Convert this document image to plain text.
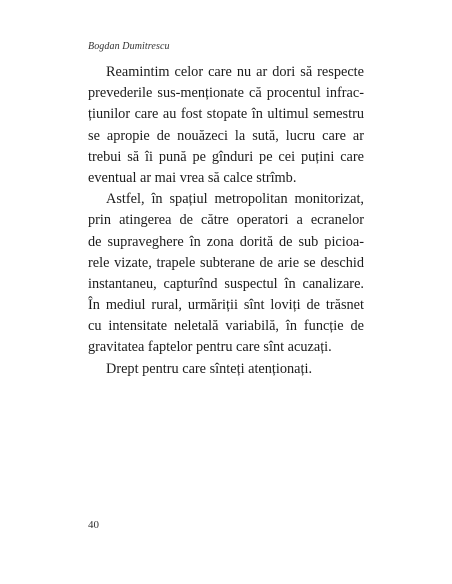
Bogdan Dumitrescu
Reamintim celor care nu ar dori să respecte
prevederile sus-menționate că procentul infrac-
țiunilor care au fost stopate în ultimul semestru
se apropie de nouăzeci la sută, lucru care ar
trebui să îi pună pe gînduri pe cei puțini care
eventual ar mai vrea să calce strîmb.
Astfel, în spațiul metropolitan monitorizat,
prin atingerea de către operatori a ecranelor
de supraveghere în zona dorită de sub picioa-
rele vizate, trapele subterane de arie se deschid
instantaneu, capturînd suspectul în canalizare.
În mediul rural, urmăriții sînt loviți de trăsnet
cu intensitate neletală variabilă, în funcție de
gravitatea faptelor pentru care sînt acuzați.
Drept pentru care sînteți atenționați.
40
